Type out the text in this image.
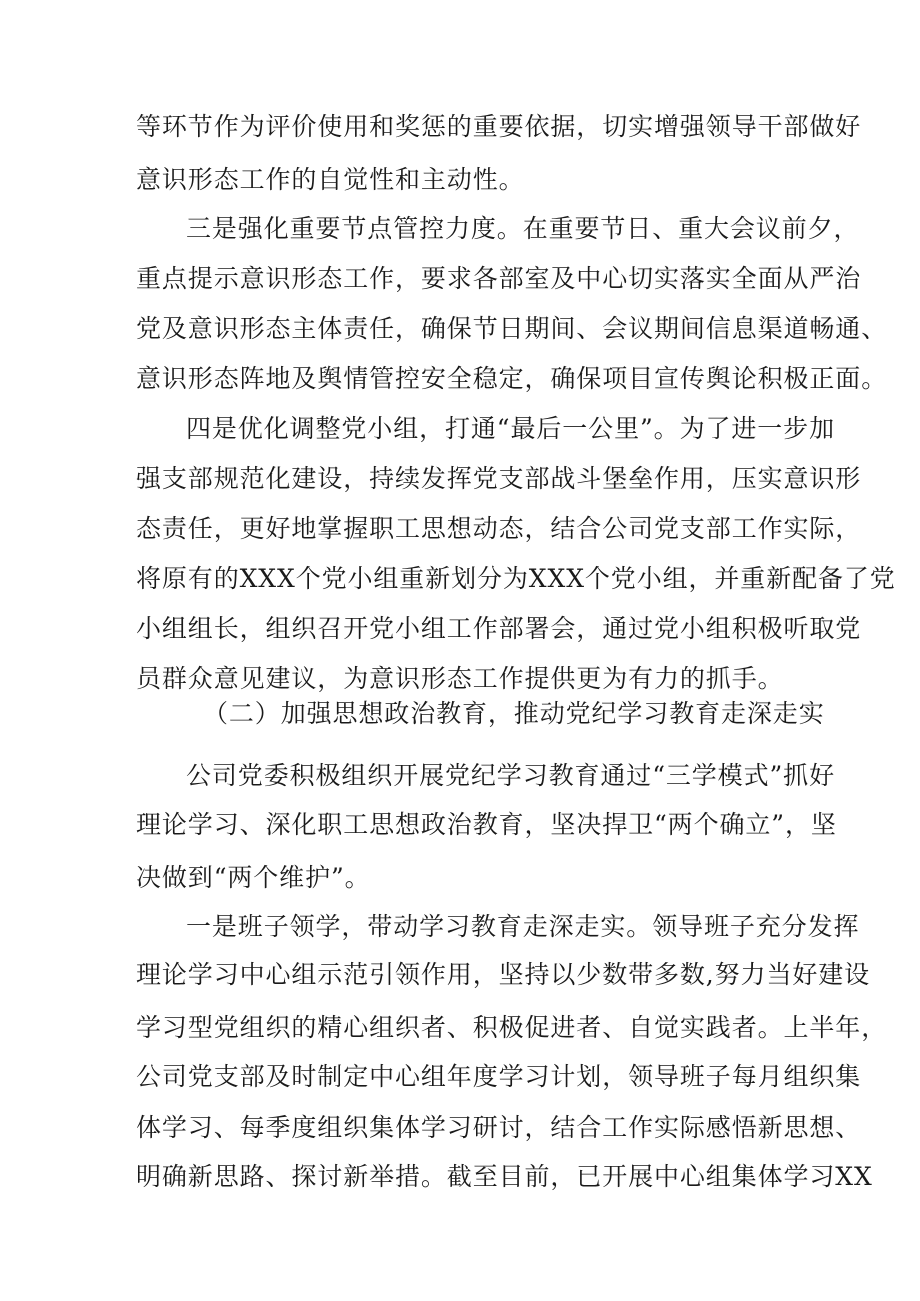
等环节作为评价使用和奖惩的重要依据，切实增强领导干部做好
意识形态工作的自觉性和主动性。
三是强化重要节点管控力度。在重要节日、重大会议前夕，
重点提示意识形态工作，要求各部室及中心切实落实全面从严治
党及意识形态主体责任，确保节日期间、会议期间信息渠道畅通、
意识形态阵地及舆情管控安全稳定，确保项目宣传舆论积极正面。
四是优化调整党小组，打通“最后一公里”。为了进一步加
强支部规范化建设，持续发挥党支部战斗堡垒作用，压实意识形
态责任，更好地掌握职工思想动态，结合公司党支部工作实际，
将原有的XXX个党小组重新划分为XXX个党小组，并重新配备了党
小组组长，组织召开党小组工作部署会，通过党小组积极听取党
员群众意见建议，为意识形态工作提供更为有力的抓手。
（二）加强思想政治教育，推动党纪学习教育走深走实
公司党委积极组织开展党纪学习教育通过“三学模式”抓好
理论学习、深化职工思想政治教育，坚决捍卫“两个确立”，坚
决做到“两个维护”。
一是班子领学，带动学习教育走深走实。领导班子充分发挥
理论学习中心组示范引领作用，坚持以少数带多数,努力当好建设
学习型党组织的精心组织者、积极促进者、自觉实践者。上半年，
公司党支部及时制定中心组年度学习计划，领导班子每月组织集
体学习、每季度组织集体学习研讨，结合工作实际感悟新思想、
明确新思路、探讨新举措。截至目前，已开展中心组集体学习XX
